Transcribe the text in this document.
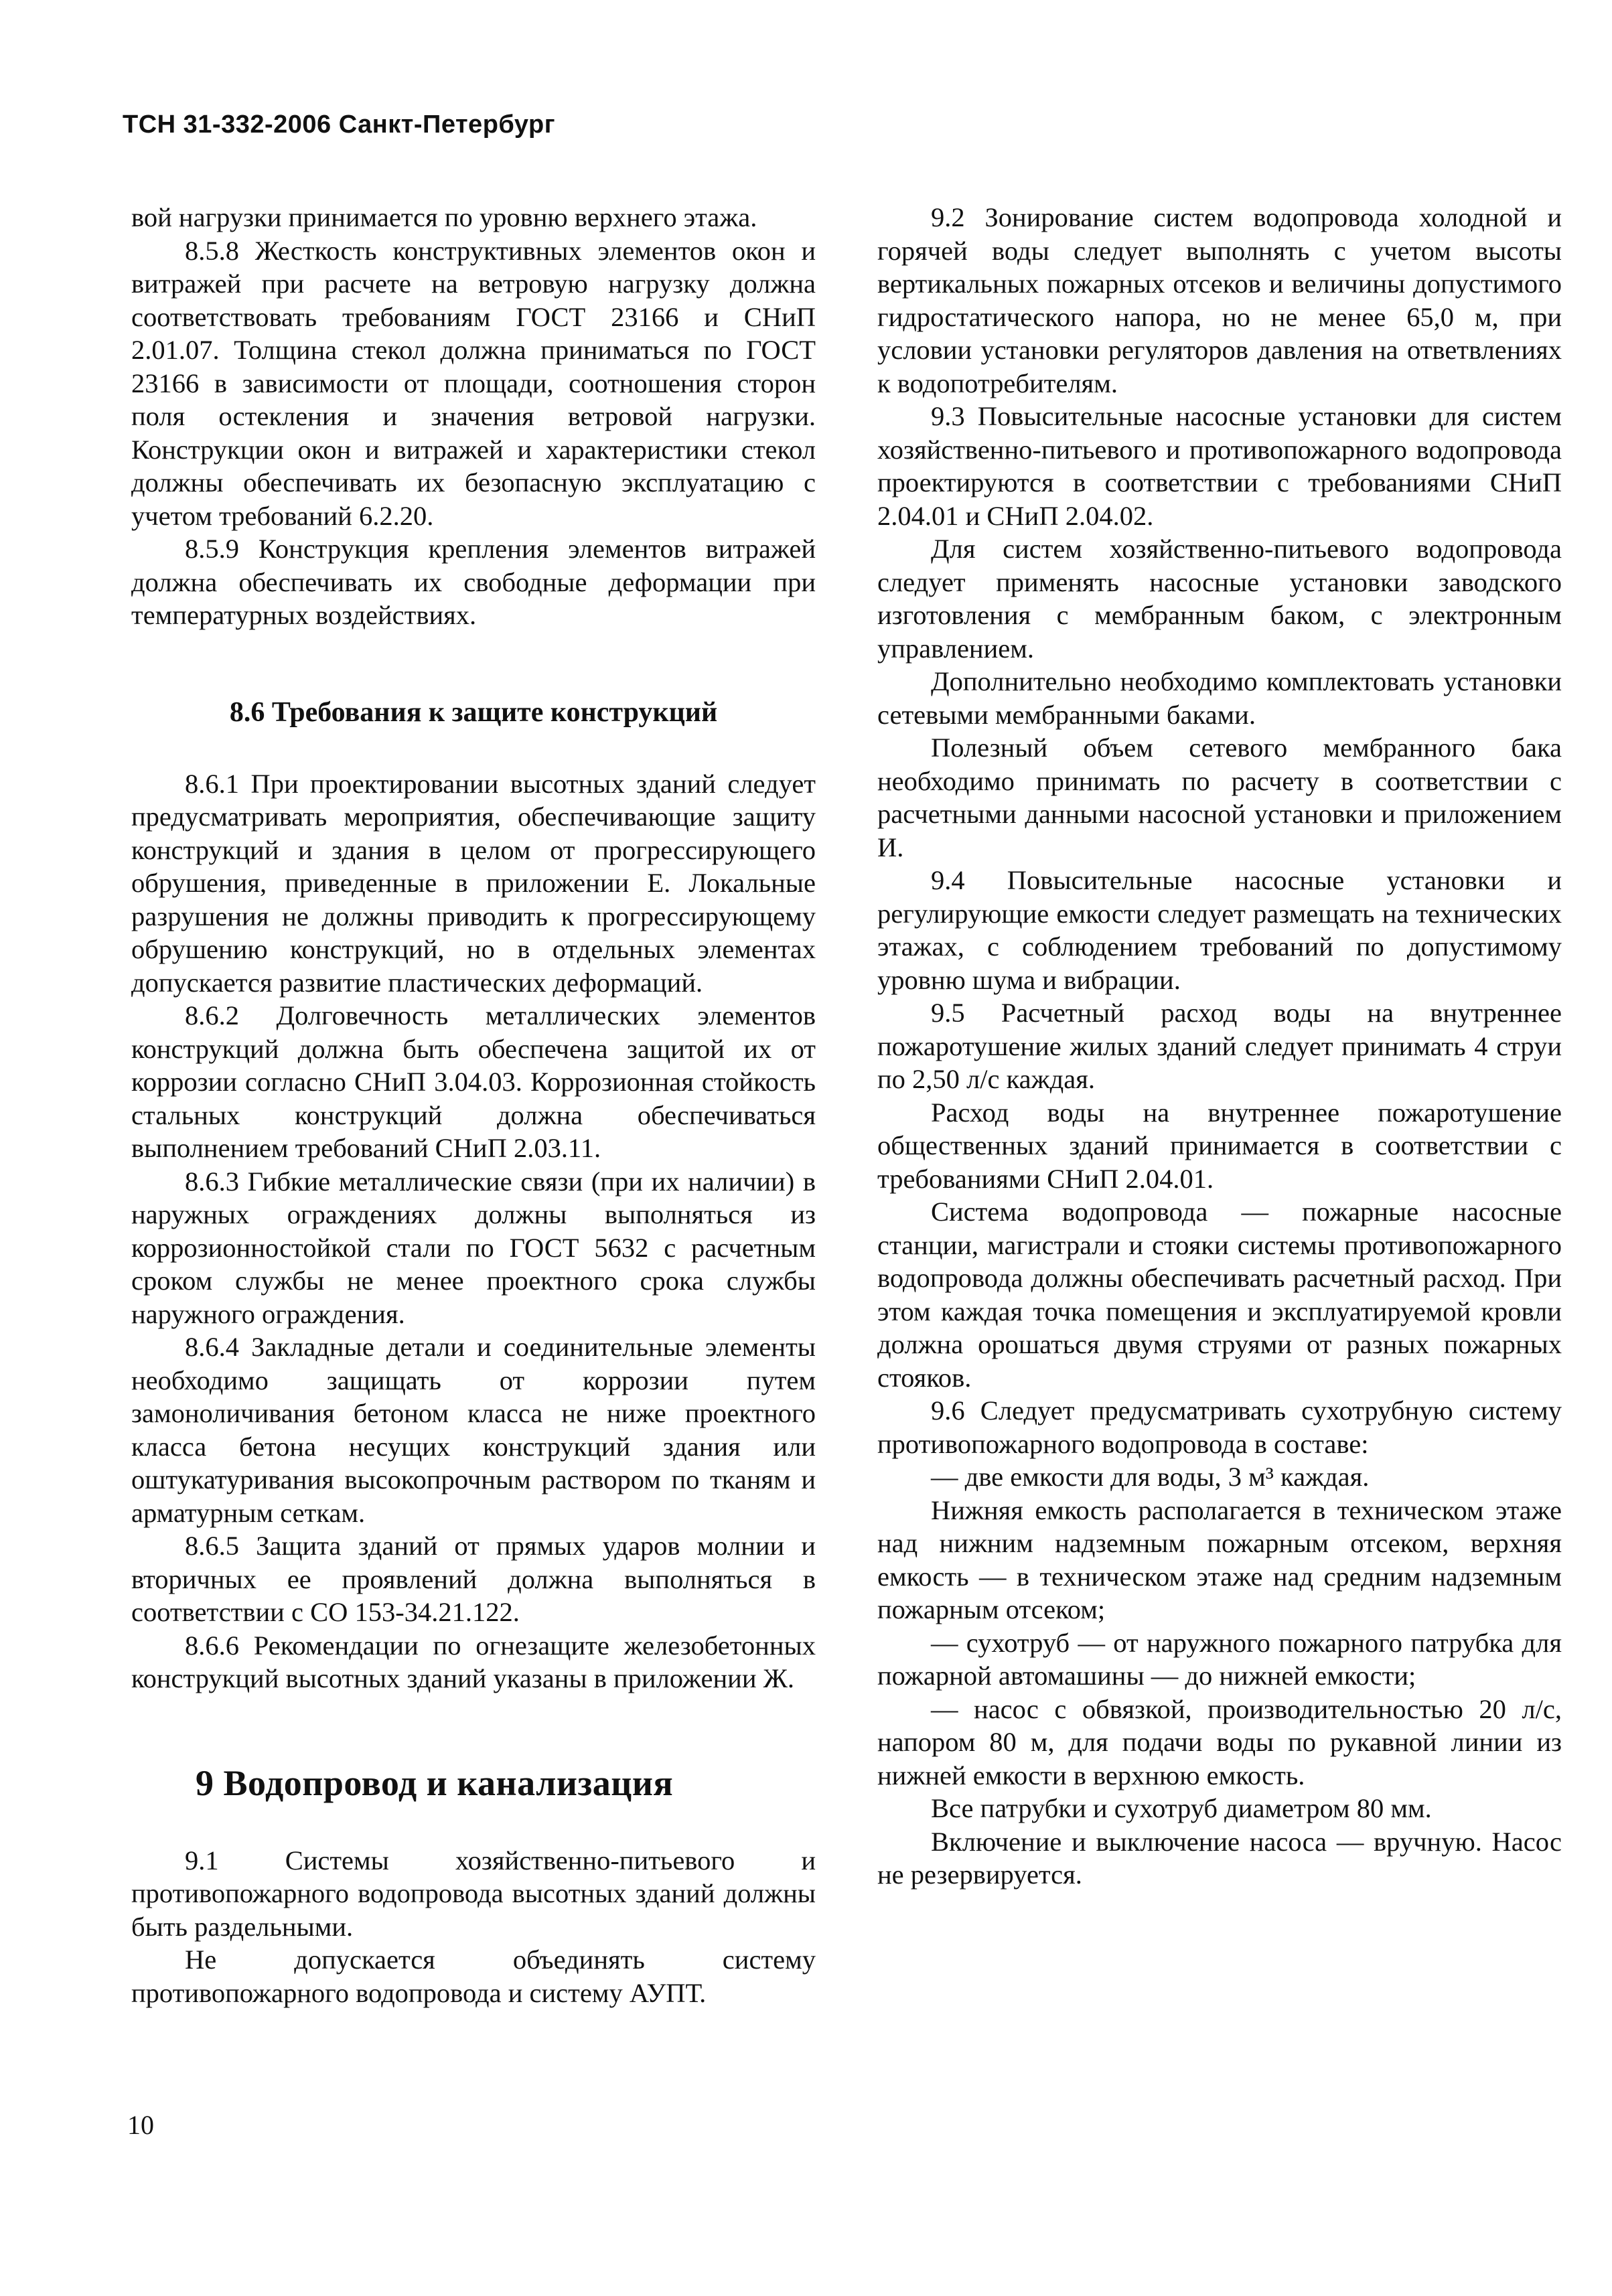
ТСН 31-332-2006 Санкт-Петербург

вой нагрузки принимается по уровню верхнего этажа.

8.5.8 Жесткость конструктивных элементов окон и витражей при расчете на ветровую нагрузку должна соответствовать требованиям ГОСТ 23166 и СНиП 2.01.07. Толщина стекол должна приниматься по ГОСТ 23166 в зависимости от площади, соотношения сторон поля остекления и значения ветровой нагрузки. Конструкции окон и витражей и характеристики стекол должны обеспечивать их безопасную эксплуатацию с учетом требований 6.2.20.

8.5.9 Конструкция крепления элементов витражей должна обеспечивать их свободные деформации при температурных воздействиях.

8.6 Требования к защите конструкций

8.6.1 При проектировании высотных зданий следует предусматривать мероприятия, обеспечивающие защиту конструкций и здания в целом от прогрессирующего обрушения, приведенные в приложении Е. Локальные разрушения не должны приводить к прогрессирующему обрушению конструкций, но в отдельных элементах допускается развитие пластических деформаций.

8.6.2 Долговечность металлических элементов конструкций должна быть обеспечена защитой их от коррозии согласно СНиП 3.04.03. Коррозионная стойкость стальных конструкций должна обеспечиваться выполнением требований СНиП 2.03.11.

8.6.3 Гибкие металлические связи (при их наличии) в наружных ограждениях должны выполняться из коррозионностойкой стали по ГОСТ 5632 с расчетным сроком службы не менее проектного срока службы наружного ограждения.

8.6.4 Закладные детали и соединительные элементы необходимо защищать от коррозии путем замоноличивания бетоном класса не ниже проектного класса бетона несущих конструкций здания или оштукатуривания высокопрочным раствором по тканям и арматурным сеткам.

8.6.5 Защита зданий от прямых ударов молнии и вторичных ее проявлений должна выполняться в соответствии с СО 153-34.21.122.

8.6.6 Рекомендации по огнезащите железобетонных конструкций высотных зданий указаны в приложении Ж.

9 Водопровод и канализация

9.1 Системы хозяйственно-питьевого и противопожарного водопровода высотных зданий должны быть раздельными.

Не допускается объединять систему противопожарного водопровода и систему АУПТ.

9.2 Зонирование систем водопровода холодной и горячей воды следует выполнять с учетом высоты вертикальных пожарных отсеков и величины допустимого гидростатического напора, но не менее 65,0 м, при условии установки регуляторов давления на ответвлениях к водопотребителям.

9.3 Повысительные насосные установки для систем хозяйственно-питьевого и противопожарного водопровода проектируются в соответствии с требованиями СНиП 2.04.01 и СНиП 2.04.02.

Для систем хозяйственно-питьевого водопровода следует применять насосные установки заводского изготовления с мембранным баком, с электронным управлением.

Дополнительно необходимо комплектовать установки сетевыми мембранными баками.

Полезный объем сетевого мембранного бака необходимо принимать по расчету в соответствии с расчетными данными насосной установки и приложением И.

9.4 Повысительные насосные установки и регулирующие емкости следует размещать на технических этажах, с соблюдением требований по допустимому уровню шума и вибрации.

9.5 Расчетный расход воды на внутреннее пожаротушение жилых зданий следует принимать 4 струи по 2,50 л/с каждая.

Расход воды на внутреннее пожаротушение общественных зданий принимается в соответствии с требованиями СНиП 2.04.01.

Система водопровода — пожарные насосные станции, магистрали и стояки системы противопожарного водопровода должны обеспечивать расчетный расход. При этом каждая точка помещения и эксплуатируемой кровли должна орошаться двумя струями от разных пожарных стояков.

9.6 Следует предусматривать сухотрубную систему противопожарного водопровода в составе:

— две емкости для воды, 3 м³ каждая.

Нижняя емкость располагается в техническом этаже над нижним надземным пожарным отсеком, верхняя емкость — в техническом этаже над средним надземным пожарным отсеком;

— сухотруб — от наружного пожарного патрубка для пожарной автомашины — до нижней емкости;

— насос с обвязкой, производительностью 20 л/с, напором 80 м, для подачи воды по рукавной линии из нижней емкости в верхнюю емкость.

Все патрубки и сухотруб диаметром 80 мм.

Включение и выключение насоса — вручную. Насос не резервируется.

10
